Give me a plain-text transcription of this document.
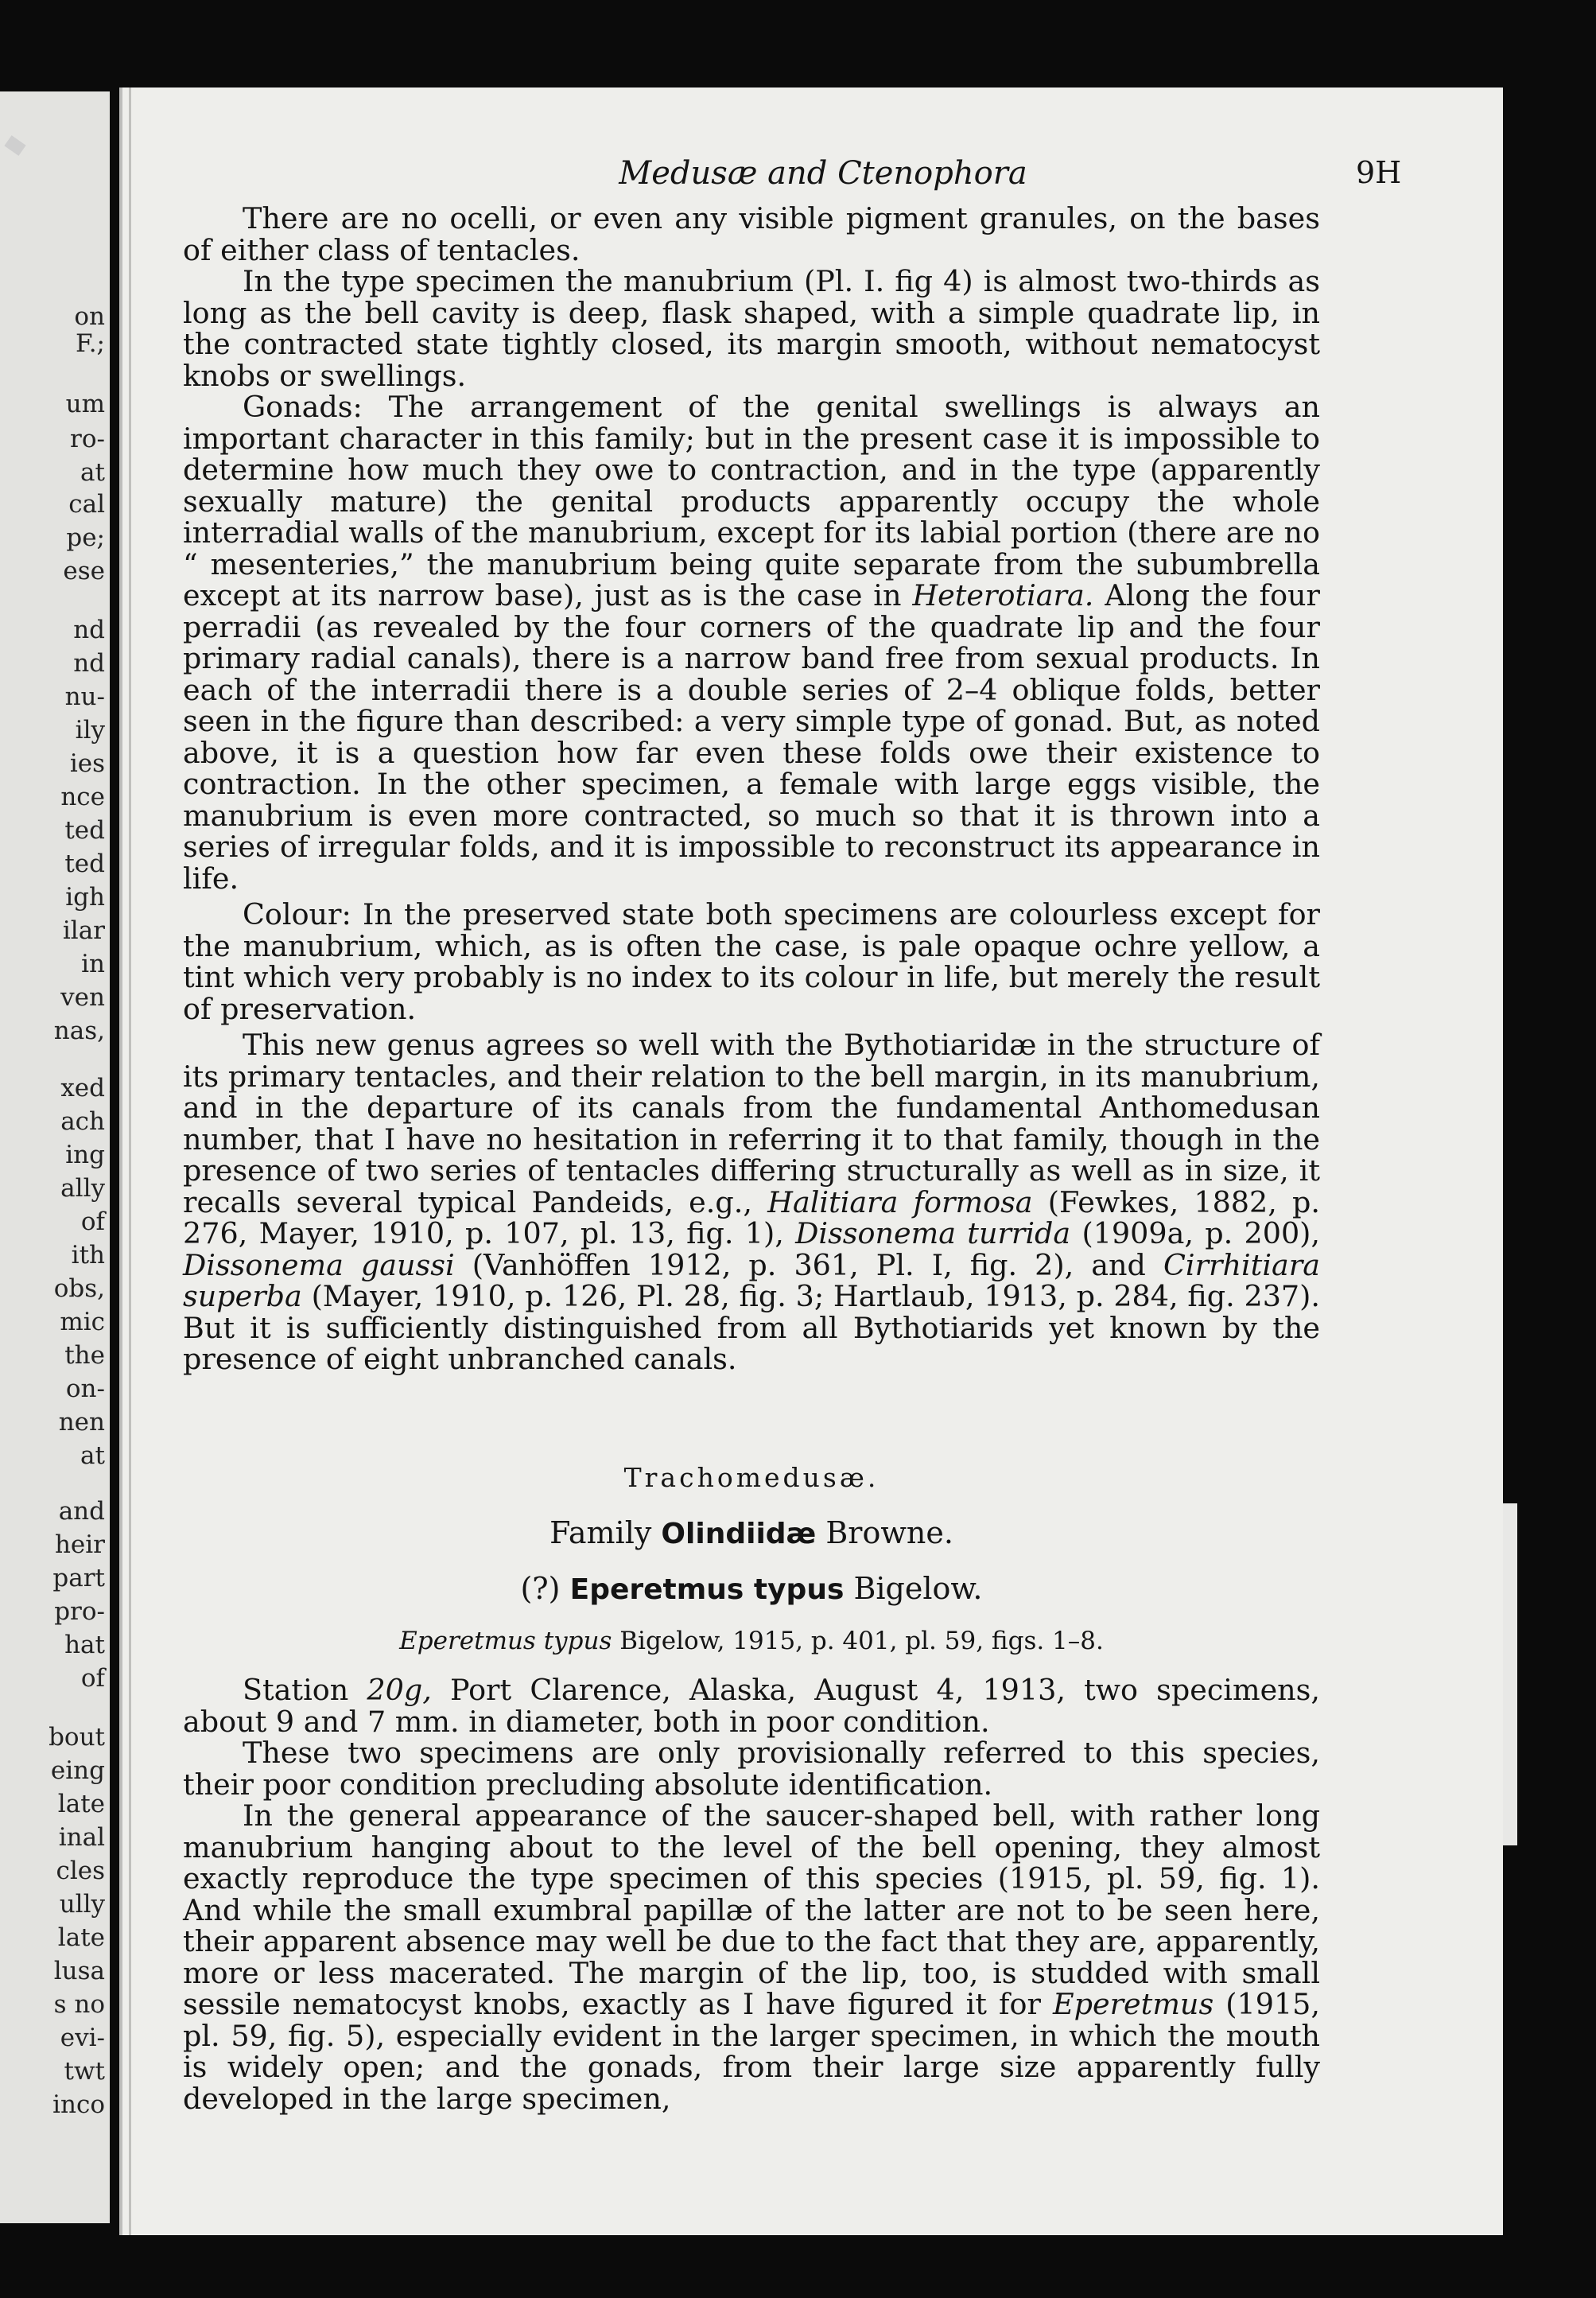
on
F.;
um
ro-
at
cal
pe;
ese
nd
nd
nu-
ily
ies
nce
ted
ted
igh
ilar
in
ven
nas,
xed
ach
ing
ally
of
ith
obs,
mic
the
on-
nen
at
and
heir
part
pro-
hat
of
bout
eing
late
inal
cles
ully
late
lusa
s no
evi-
twt
inco
Medusæ and Ctenophora	9H

There are no ocelli, or even any visible pigment granules, on the bases of either class of tentacles.

In the type specimen the manubrium (Pl. I. fig 4) is almost two-thirds as long as the bell cavity is deep, flask shaped, with a simple quadrate lip, in the contracted state tightly closed, its margin smooth, without nematocyst knobs or swellings.

Gonads: The arrangement of the genital swellings is always an important character in this family; but in the present case it is impossible to determine how much they owe to contraction, and in the type (apparently sexually mature) the genital products apparently occupy the whole interradial walls of the manubrium, except for its labial portion (there are no “ mesenteries,” the manubrium being quite separate from the subumbrella except at its narrow base), just as is the case in Heterotiara. Along the four perradii (as revealed by the four corners of the quadrate lip and the four primary radial canals), there is a narrow band free from sexual products. In each of the interradii there is a double series of 2–4 oblique folds, better seen in the figure than described: a very simple type of gonad. But, as noted above, it is a question how far even these folds owe their existence to contraction. In the other specimen, a female with large eggs visible, the manubrium is even more contracted, so much so that it is thrown into a series of irregular folds, and it is impossible to reconstruct its appearance in life.

Colour: In the preserved state both specimens are colourless except for the manubrium, which, as is often the case, is pale opaque ochre yellow, a tint which very probably is no index to its colour in life, but merely the result of preservation.

This new genus agrees so well with the Bythotiaridæ in the structure of its primary tentacles, and their relation to the bell margin, in its manubrium, and in the departure of its canals from the fundamental Anthomedusan number, that I have no hesitation in referring it to that family, though in the presence of two series of tentacles differing structurally as well as in size, it recalls several typical Pandeids, e.g., Halitiara formosa (Fewkes, 1882, p. 276, Mayer, 1910, p. 107, pl. 13, fig. 1), Dissonema turrida (1909a, p. 200), Dissonema gaussi (Vanhöffen 1912, p. 361, Pl. I, fig. 2), and Cirrhitiara superba (Mayer, 1910, p. 126, Pl. 28, fig. 3; Hartlaub, 1913, p. 284, fig. 237). But it is sufficiently distinguished from all Bythotiarids yet known by the presence of eight unbranched canals.

Trachomedusæ.
Family Olindiidæ Browne.
(?) Eperetmus typus Bigelow.
Eperetmus typus Bigelow, 1915, p. 401, pl. 59, figs. 1–8.

Station 20g, Port Clarence, Alaska, August 4, 1913, two specimens, about 9 and 7 mm. in diameter, both in poor condition.

These two specimens are only provisionally referred to this species, their poor condition precluding absolute identification.

In the general appearance of the saucer-shaped bell, with rather long manubrium hanging about to the level of the bell opening, they almost exactly reproduce the type specimen of this species (1915, pl. 59, fig. 1). And while the small exumbral papillæ of the latter are not to be seen here, their apparent absence may well be due to the fact that they are, apparently, more or less macerated. The margin of the lip, too, is studded with small sessile nematocyst knobs, exactly as I have figured it for Eperetmus (1915, pl. 59, fig. 5), especially evident in the larger specimen, in which the mouth is widely open; and the gonads, from their large size apparently fully developed in the large specimen,
